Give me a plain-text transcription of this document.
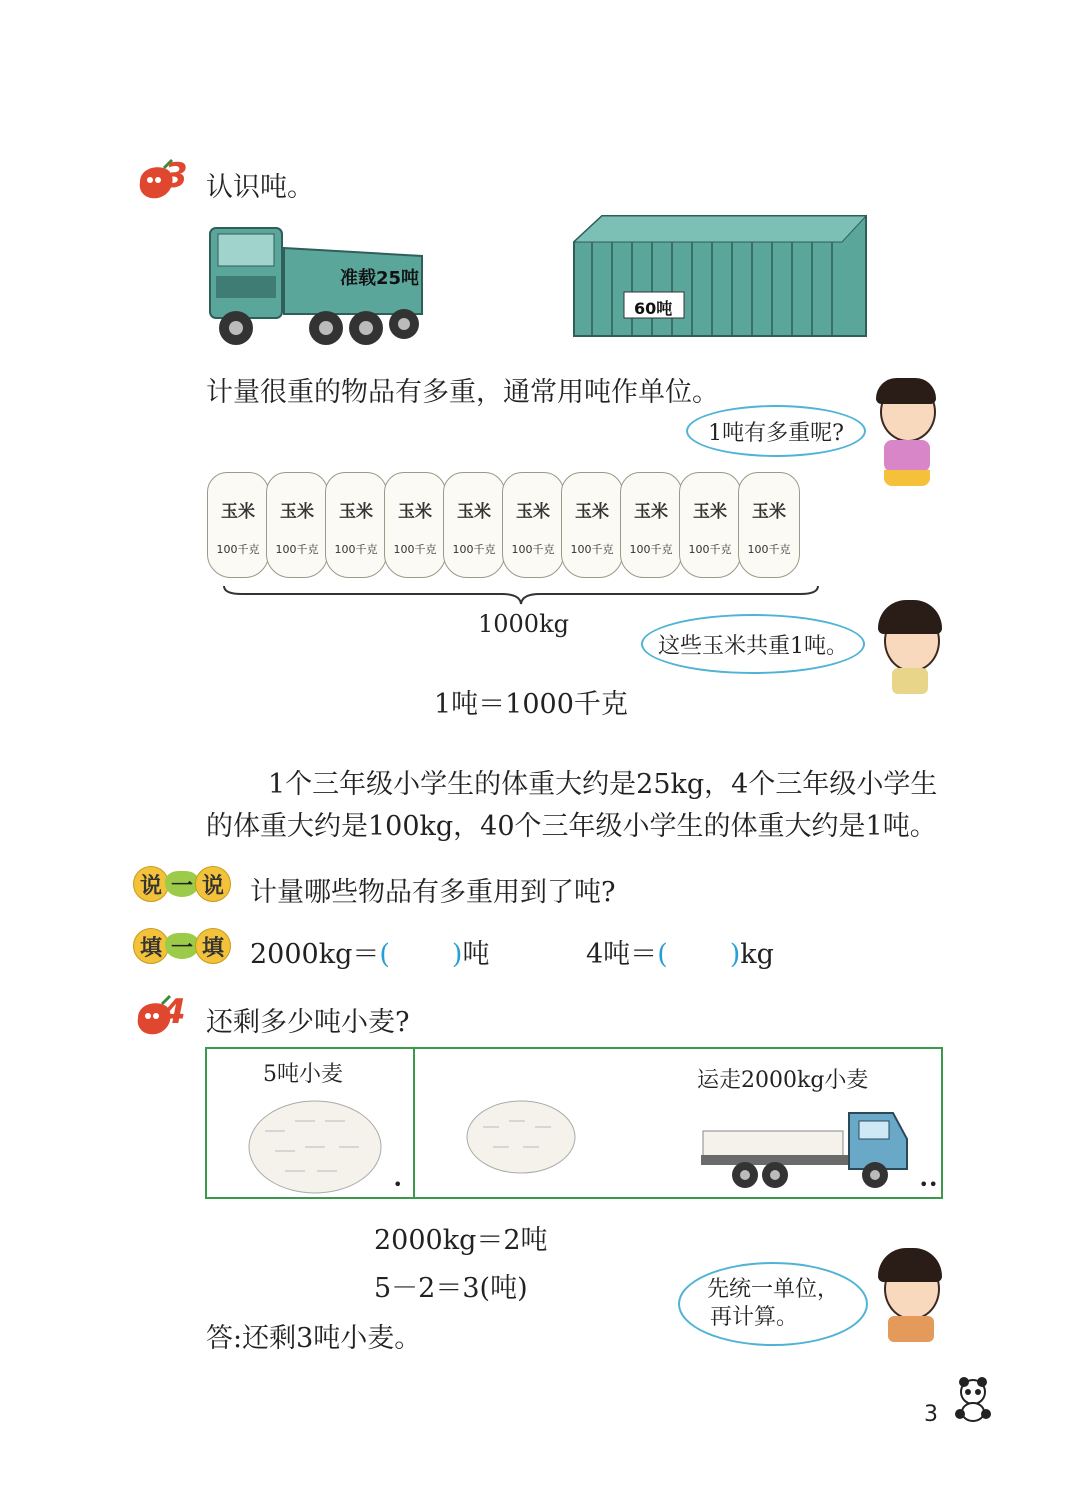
3 认识吨。
准载25吨
60吨
计量很重的物品有多重，通常用吨作单位。
1吨有多重呢?
玉米
100千克
玉米
100千克
玉米
100千克
玉米
100千克
玉米
100千克
玉米
100千克
玉米
100千克
玉米
100千克
玉米
100千克
玉米
100千克
1000kg
这些玉米共重1吨。
1吨＝1000千克
1个三年级小学生的体重大约是25kg，4个三年级小学生
的体重大约是100kg，40个三年级小学生的体重大约是1吨。
说 一 说 计量哪些物品有多重用到了吨?
填 一 填 2000kg＝( )吨	4吨＝( )kg
4 还剩多少吨小麦?
5吨小麦
•
运走2000kg小麦
••
2000kg＝2吨
5－2＝3(吨)
答:还剩3吨小麦。
先统一单位，
再计算。
3
